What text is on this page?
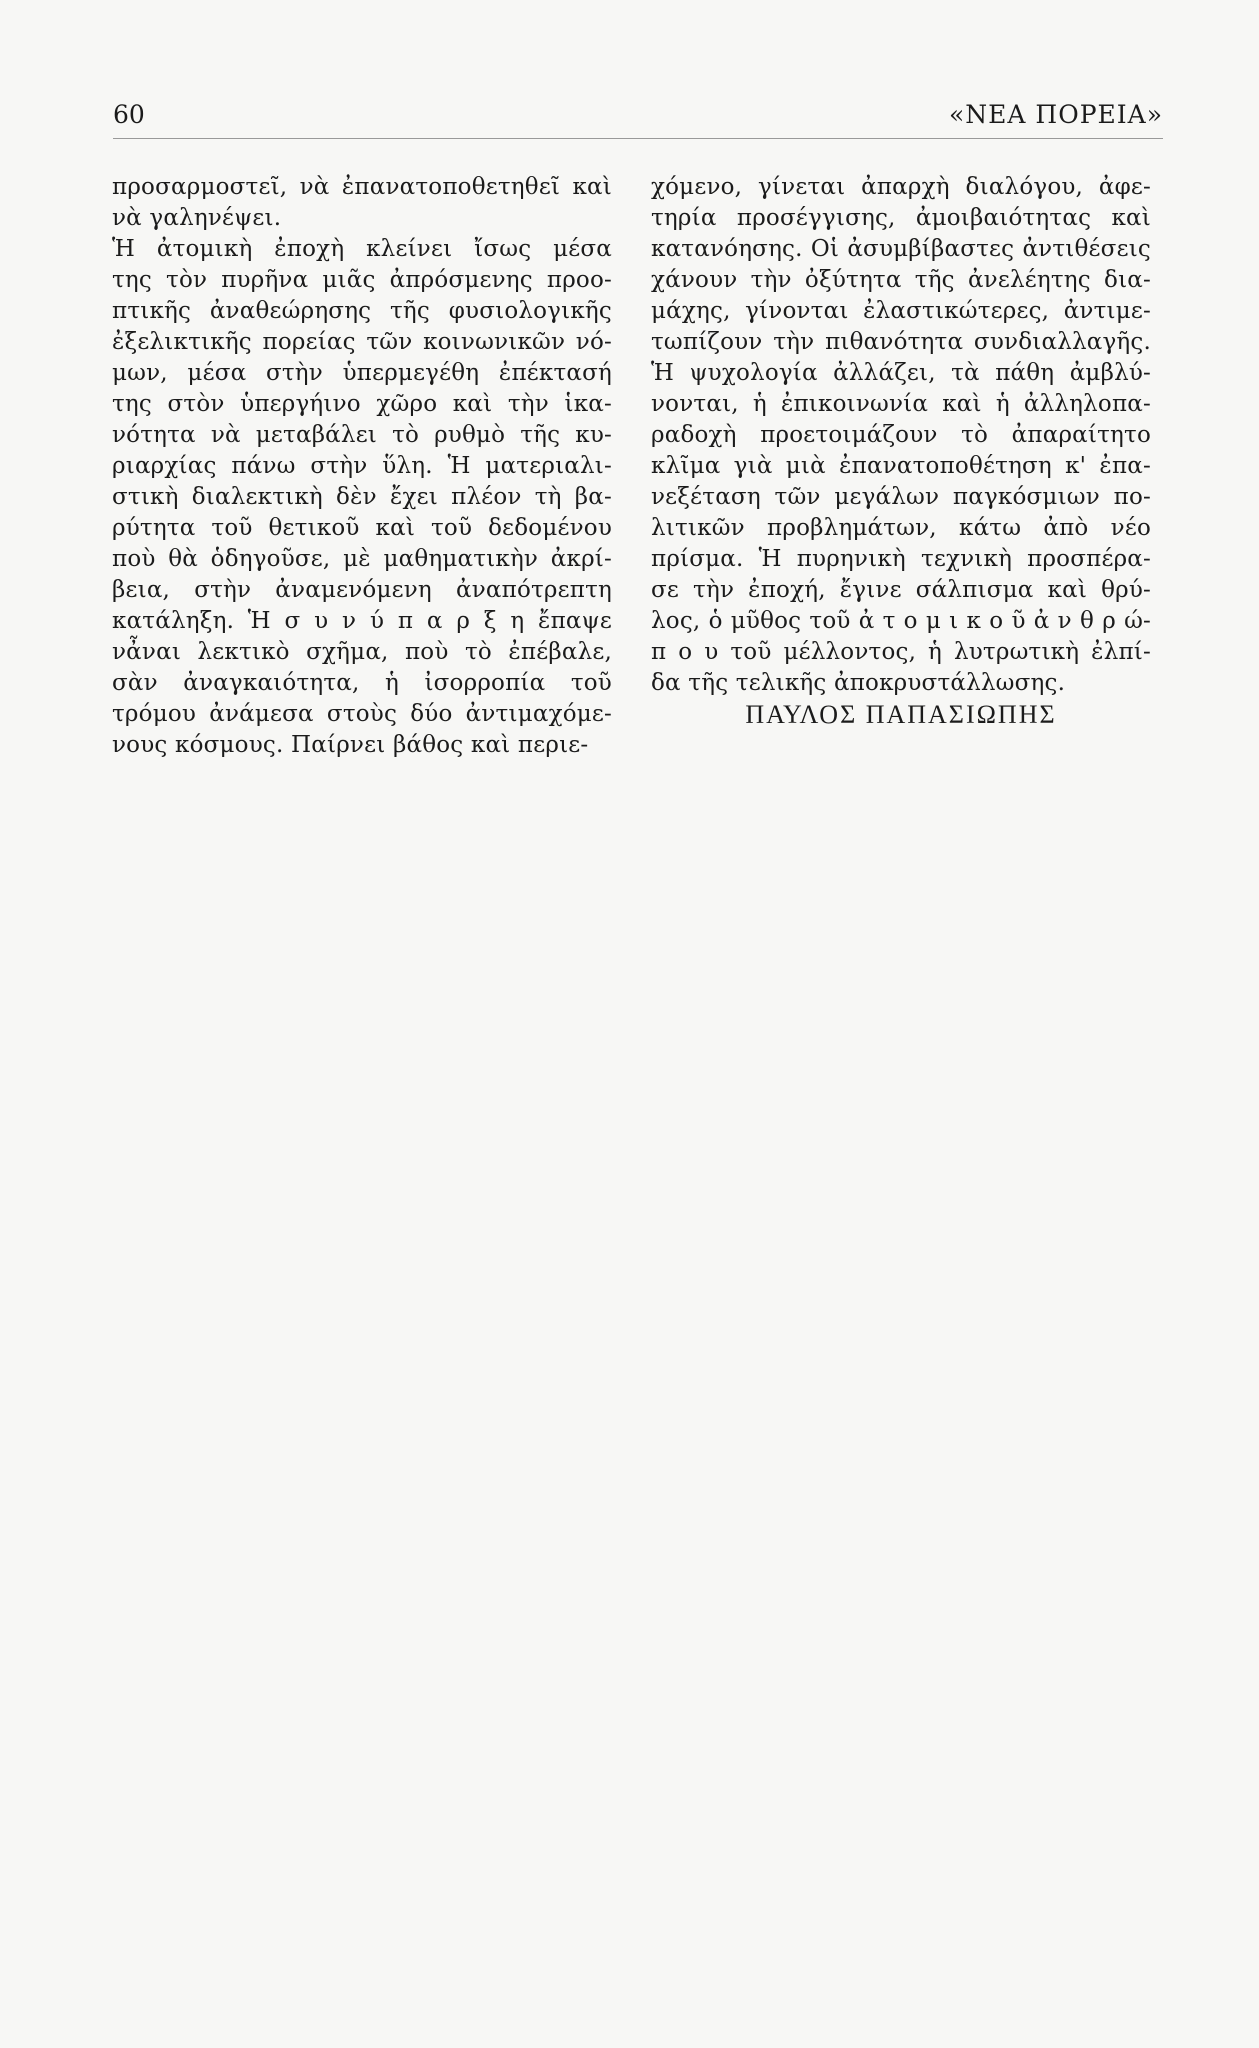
60	«ΝΕΑ ΠΟΡΕΙΑ»
προσαρμοστεῖ, νὰ ἐπανατοποθετηθεῖ καὶ
νὰ γαληνέψει.
Ἡ ἀτομικὴ ἐποχὴ κλείνει ἴσως μέσα
της τὸν πυρῆνα μιᾶς ἀπρόσμενης προο-
πτικῆς ἀναθεώρησης τῆς φυσιολογικῆς
ἐξελικτικῆς πορείας τῶν κοινωνικῶν νό-
μων, μέσα στὴν ὑπερμεγέθη ἐπέκτασή
της στὸν ὑπεργήινο χῶρο καὶ τὴν ἱκα-
νότητα νὰ μεταβάλει τὸ ρυθμὸ τῆς κυ-
ριαρχίας πάνω στὴν ὕλη. Ἡ ματεριαλι-
στικὴ διαλεκτικὴ δὲν ἔχει πλέον τὴ βα-
ρύτητα τοῦ θετικοῦ καὶ τοῦ δεδομένου
ποὺ θὰ ὁδηγοῦσε, μὲ μαθηματικὴν ἀκρί-
βεια, στὴν ἀναμενόμενη ἀναπότρεπτη
κατάληξη. Ἡ σ υ ν ύ π α ρ ξ η ἔπαψε
νἆναι λεκτικὸ σχῆμα, ποὺ τὸ ἐπέβαλε,
σὰν ἀναγκαιότητα, ἡ ἰσορροπία τοῦ
τρόμου ἀνάμεσα στοὺς δύο ἀντιμαχόμε-
νους κόσμους. Παίρνει βάθος καὶ περιε-
χόμενο, γίνεται ἀπαρχὴ διαλόγου, ἀφε-
τηρία προσέγγισης, ἀμοιβαιότητας καὶ
κατανόησης. Οἱ ἀσυμβίβαστες ἀντιθέσεις
χάνουν τὴν ὀξύτητα τῆς ἀνελέητης δια-
μάχης, γίνονται ἐλαστικώτερες, ἀντιμε-
τωπίζουν τὴν πιθανότητα συνδιαλλαγῆς.
Ἡ ψυχολογία ἀλλάζει, τὰ πάθη ἀμβλύ-
νονται, ἡ ἐπικοινωνία καὶ ἡ ἀλληλοπα-
ραδοχὴ προετοιμάζουν τὸ ἀπαραίτητο
κλῖμα γιὰ μιὰ ἐπανατοποθέτηση κ' ἐπα-
νεξέταση τῶν μεγάλων παγκόσμιων πο-
λιτικῶν προβλημάτων, κάτω ἀπὸ νέο
πρίσμα. Ἡ πυρηνικὴ τεχνικὴ προσπέρα-
σε τὴν ἐποχή, ἔγινε σάλπισμα καὶ θρύ-
λος, ὁ μῦθος τοῦ ἀ τ ο μ ι κ ο ῦ ἀ ν θ ρ ώ-
π ο υ τοῦ μέλλοντος, ἡ λυτρωτικὴ ἐλπί-
δα τῆς τελικῆς ἀποκρυστάλλωσης.
ΠΑΥΛΟΣ ΠΑΠΑΣΙΩΠΗΣ
